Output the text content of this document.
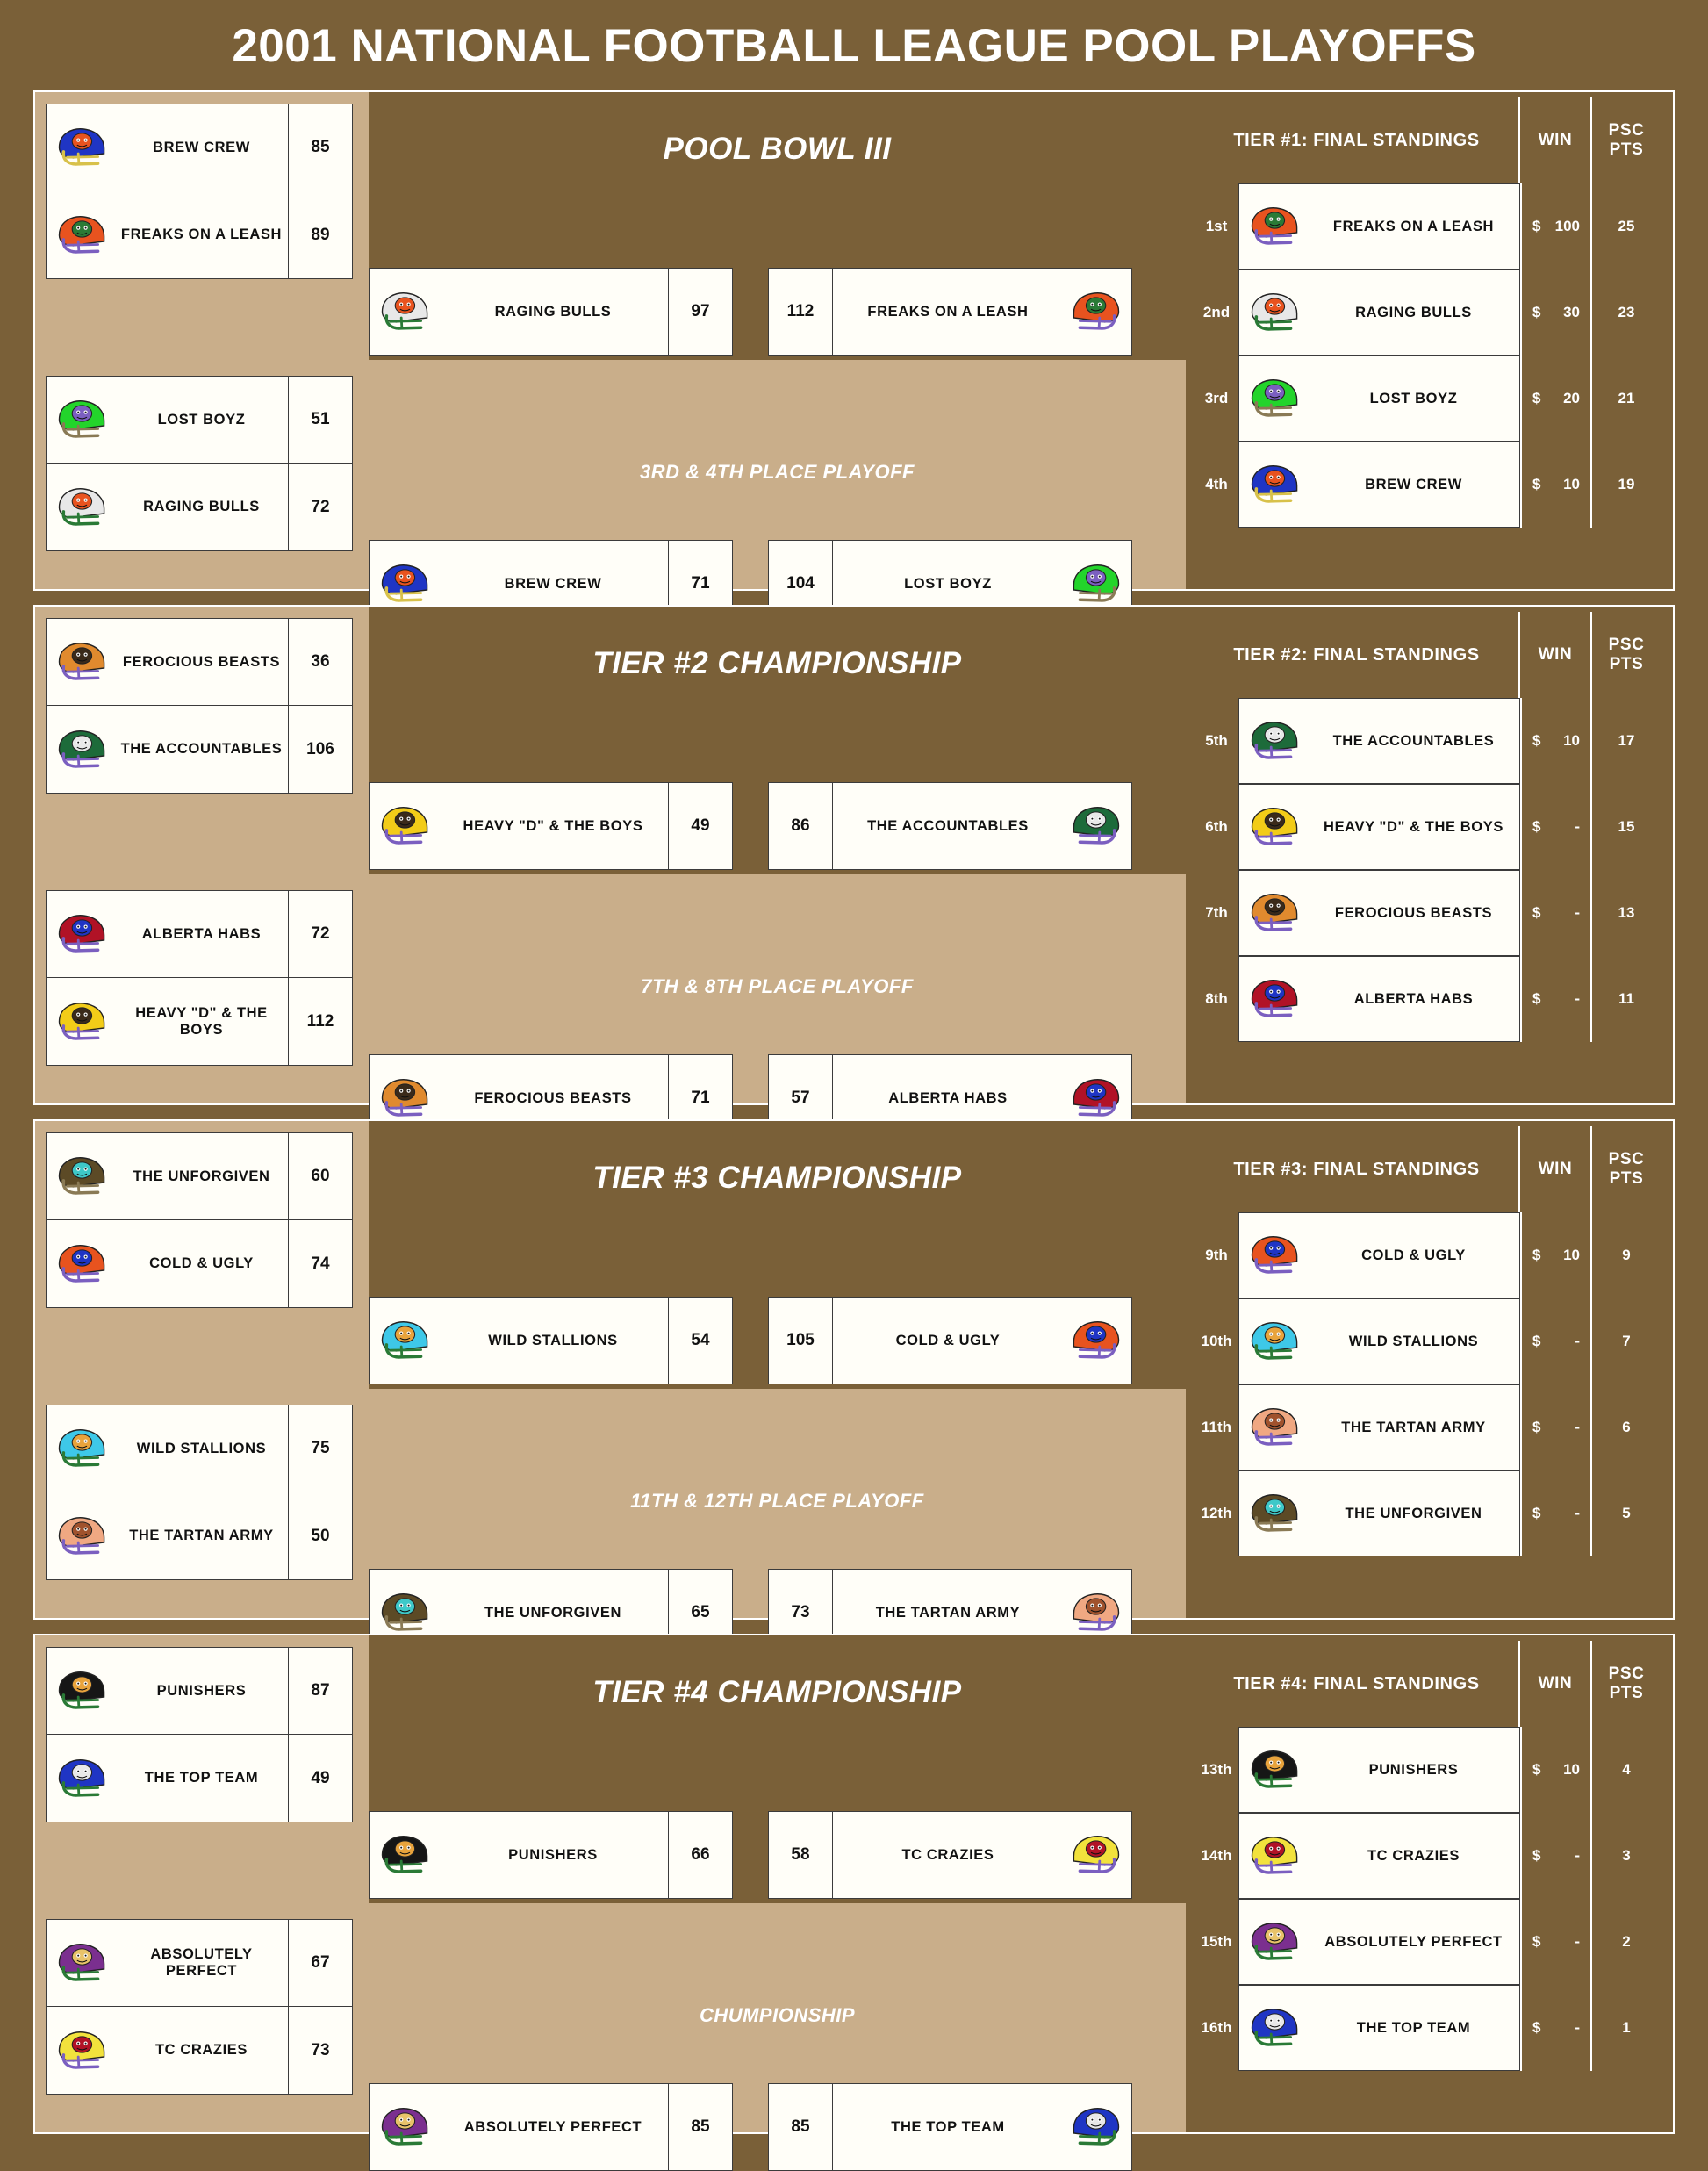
2001 NATIONAL FOOTBALL LEAGUE POOL PLAYOFFS
BREW CREW	85
FREAKS ON A LEASH	89
LOST BOYZ	51
RAGING BULLS	72
POOL BOWL III
RAGING BULLS	97	112	FREAKS ON A LEASH
3RD & 4TH PLACE PLAYOFF
BREW CREW	71	104	LOST BOYZ
TIER #1: FINAL STANDINGS	WIN
PSC
PTS
1st	FREAKS ON A LEASH	$ 100	25
2nd	RAGING BULLS	$ 30	23
3rd	LOST BOYZ	$ 20	21
4th	BREW CREW	$ 10	19
FEROCIOUS BEASTS	36
THE ACCOUNTABLES	106
ALBERTA HABS	72
HEAVY "D" & THE BOYS	112
TIER #2 CHAMPIONSHIP
HEAVY "D" & THE BOYS	49	86	THE ACCOUNTABLES
7TH & 8TH PLACE PLAYOFF
FEROCIOUS BEASTS	71	57	ALBERTA HABS
TIER #2: FINAL STANDINGS	WIN
PSC
PTS
5th	THE ACCOUNTABLES	$ 10	17
6th	HEAVY "D" & THE BOYS	$ -	15
7th	FEROCIOUS BEASTS	$ -	13
8th	ALBERTA HABS	$ -	11
THE UNFORGIVEN	60
COLD & UGLY	74
WILD STALLIONS	75
THE TARTAN ARMY	50
TIER #3 CHAMPIONSHIP
WILD STALLIONS	54	105	COLD & UGLY
11TH & 12TH PLACE PLAYOFF
THE UNFORGIVEN	65	73	THE TARTAN ARMY
TIER #3: FINAL STANDINGS	WIN
PSC
PTS
9th	COLD & UGLY	$ 10	9
10th	WILD STALLIONS	$ -	7
11th	THE TARTAN ARMY	$ -	6
12th	THE UNFORGIVEN	$ -	5
PUNISHERS	87
THE TOP TEAM	49
ABSOLUTELY PERFECT	67
TC CRAZIES	73
TIER #4 CHAMPIONSHIP
PUNISHERS	66	58	TC CRAZIES
CHUMPIONSHIP
ABSOLUTELY PERFECT	85	85	THE TOP TEAM
TIER #4: FINAL STANDINGS	WIN
PSC
PTS
13th	PUNISHERS	$ 10	4
14th	TC CRAZIES	$ -	3
15th	ABSOLUTELY PERFECT	$ -	2
16th	THE TOP TEAM	$ -	1
